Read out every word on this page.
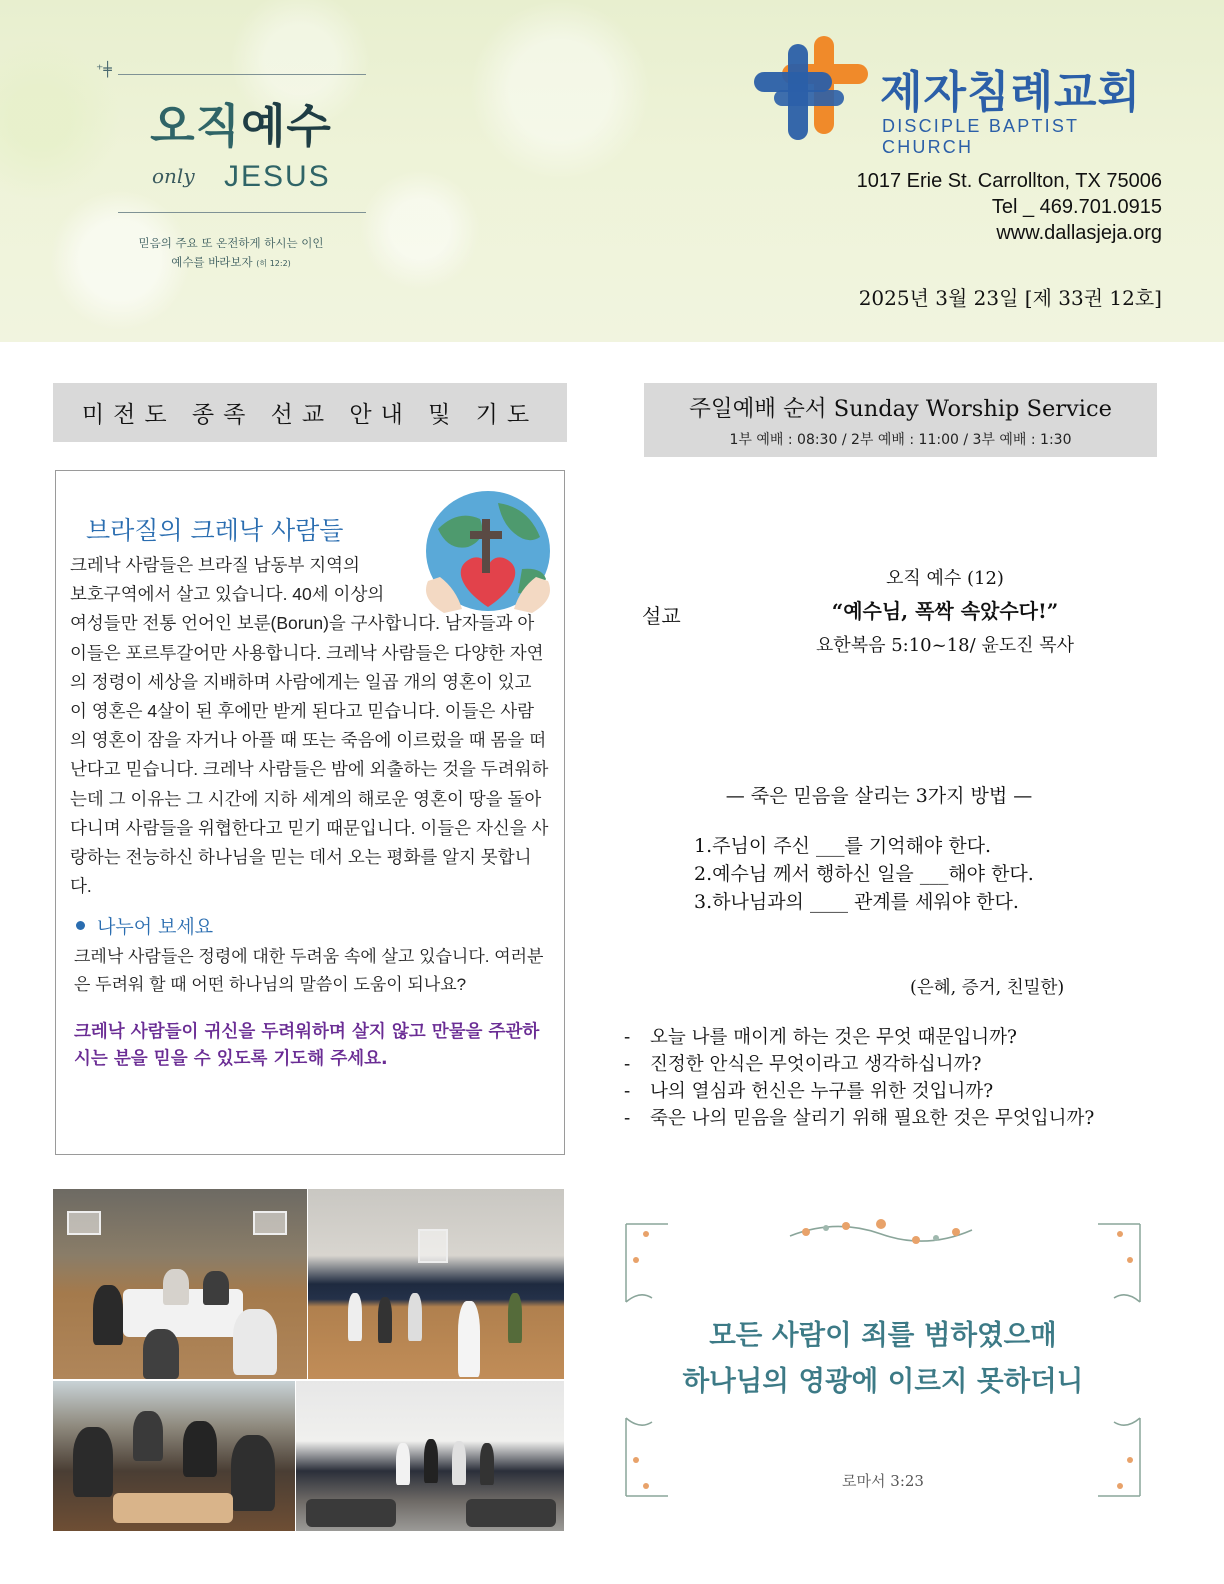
⁺╪
오직예수
only JESUS
믿음의 주요 또 온전하게 하시는 이인
예수를 바라보자 (히 12:2)
제자침례교회
DISCIPLE BAPTIST CHURCH
1017 Erie St. Carrollton, TX 75006
Tel _ 469.701.0915
www.dallasjeja.org
2025년 3월 23일 [제 33권 12호]
미전도 종족 선교 안내 및 기도
브라질의 크레낙 사람들
크레낙 사람들은 브라질 남동부 지역의
보호구역에서 살고 있습니다. 40세 이상의
여성들만 전통 언어인 보룬(Borun)을 구사합니다. 남자들과 아이들은 포르투갈어만 사용합니다. 크레낙 사람들은 다양한 자연의 정령이 세상을 지배하며 사람에게는 일곱 개의 영혼이 있고 이 영혼은 4살이 된 후에만 받게 된다고 믿습니다. 이들은 사람의 영혼이 잠을 자거나 아플 때 또는 죽음에 이르렀을 때 몸을 떠난다고 믿습니다. 크레낙 사람들은 밤에 외출하는 것을 두려워하는데 그 이유는 그 시간에 지하 세계의 해로운 영혼이 땅을 돌아다니며 사람들을 위협한다고 믿기 때문입니다. 이들은 자신을 사랑하는 전능하신 하나님을 믿는 데서 오는 평화를 알지 못합니다.
나누어 보세요
크레낙 사람들은 정령에 대한 두려움 속에 살고 있습니다. 여러분은 두려워 할 때 어떤 하나님의 말씀이 도움이 되나요?
크레낙 사람들이 귀신을 두려워하며 살지 않고 만물을 주관하시는 분을 믿을 수 있도록 기도해 주세요.
주일예배 순서 Sunday Worship Service
1부 예배 : 08:30 / 2부 예배 : 11:00 / 3부 예배 : 1:30
설교
오직 예수 (12)
“예수님, 폭싹 속았수다!”
요한복음 5:10~18/ 윤도진 목사
— 죽은 믿음을 살리는 3가지 방법 —
1.주님이 주신 ___를 기억해야 한다.
2.예수님 께서 행하신 일을 ___해야 한다.
3.하나님과의 ____ 관계를 세워야 한다.
(은혜, 증거, 친밀한)
- 오늘 나를 매이게 하는 것은 무엇 때문입니까?
- 진정한 안식은 무엇이라고 생각하십니까?
- 나의 열심과 헌신은 누구를 위한 것입니까?
- 죽은 나의 믿음을 살리기 위해 필요한 것은 무엇입니까?
모든 사람이 죄를 범하였으매
하나님의 영광에 이르지 못하더니
로마서 3:23
